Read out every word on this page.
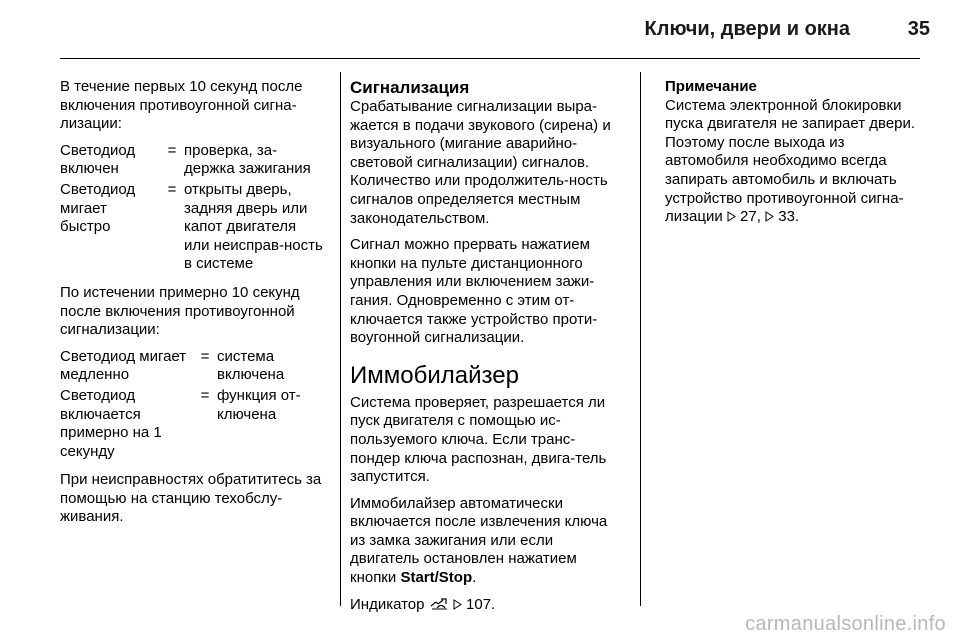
Ключи, двери и окна	35

В течение первых 10 секунд после включения противоугонной сигна-лизации:

Светодиод включен
= проверка, за-держка зажигания
Светодиод мигает быстро
= открыты дверь, задняя дверь или капот двигателя или неисправ-ность в системе

По истечении примерно 10 секунд после включения противоугонной сигнализации:

Светодиод мигает медленно
= система включена
Светодиод включается примерно на 1 секунду
= функция от-ключена

При неисправностях обратититесь за помощью на станцию техобслу-живания.

Сигнализация

Срабатывание сигнализации выра-жается в подачи звукового (сирена) и визуального (мигание аварийно-световой сигнализации) сигналов. Количество или продолжитель-ность сигналов определяется местным законодательством.

Сигнал можно прервать нажатием кнопки на пульте дистанционного управления или включением зажи-гания. Одновременно с этим от-ключается также устройство проти-воугонной сигнализации.

Иммобилайзер

Система проверяет, разрешается ли пуск двигателя с помощью ис-пользуемого ключа. Если транс-пондер ключа распознан, двига-тель запустится.

Иммобилайзер автоматически включается после извлечения ключа из замка зажигания или если двигатель остановлен нажатием кнопки Start/Stop.

Индикатор	107.

Примечание

Система электронной блокировки пуска двигателя не запирает двери. Поэтому после выхода из автомобиля необходимо всегда запирать автомобиль и включать устройство противоугонной сигна-лизации 27, 33.

carmanualsonline.info
